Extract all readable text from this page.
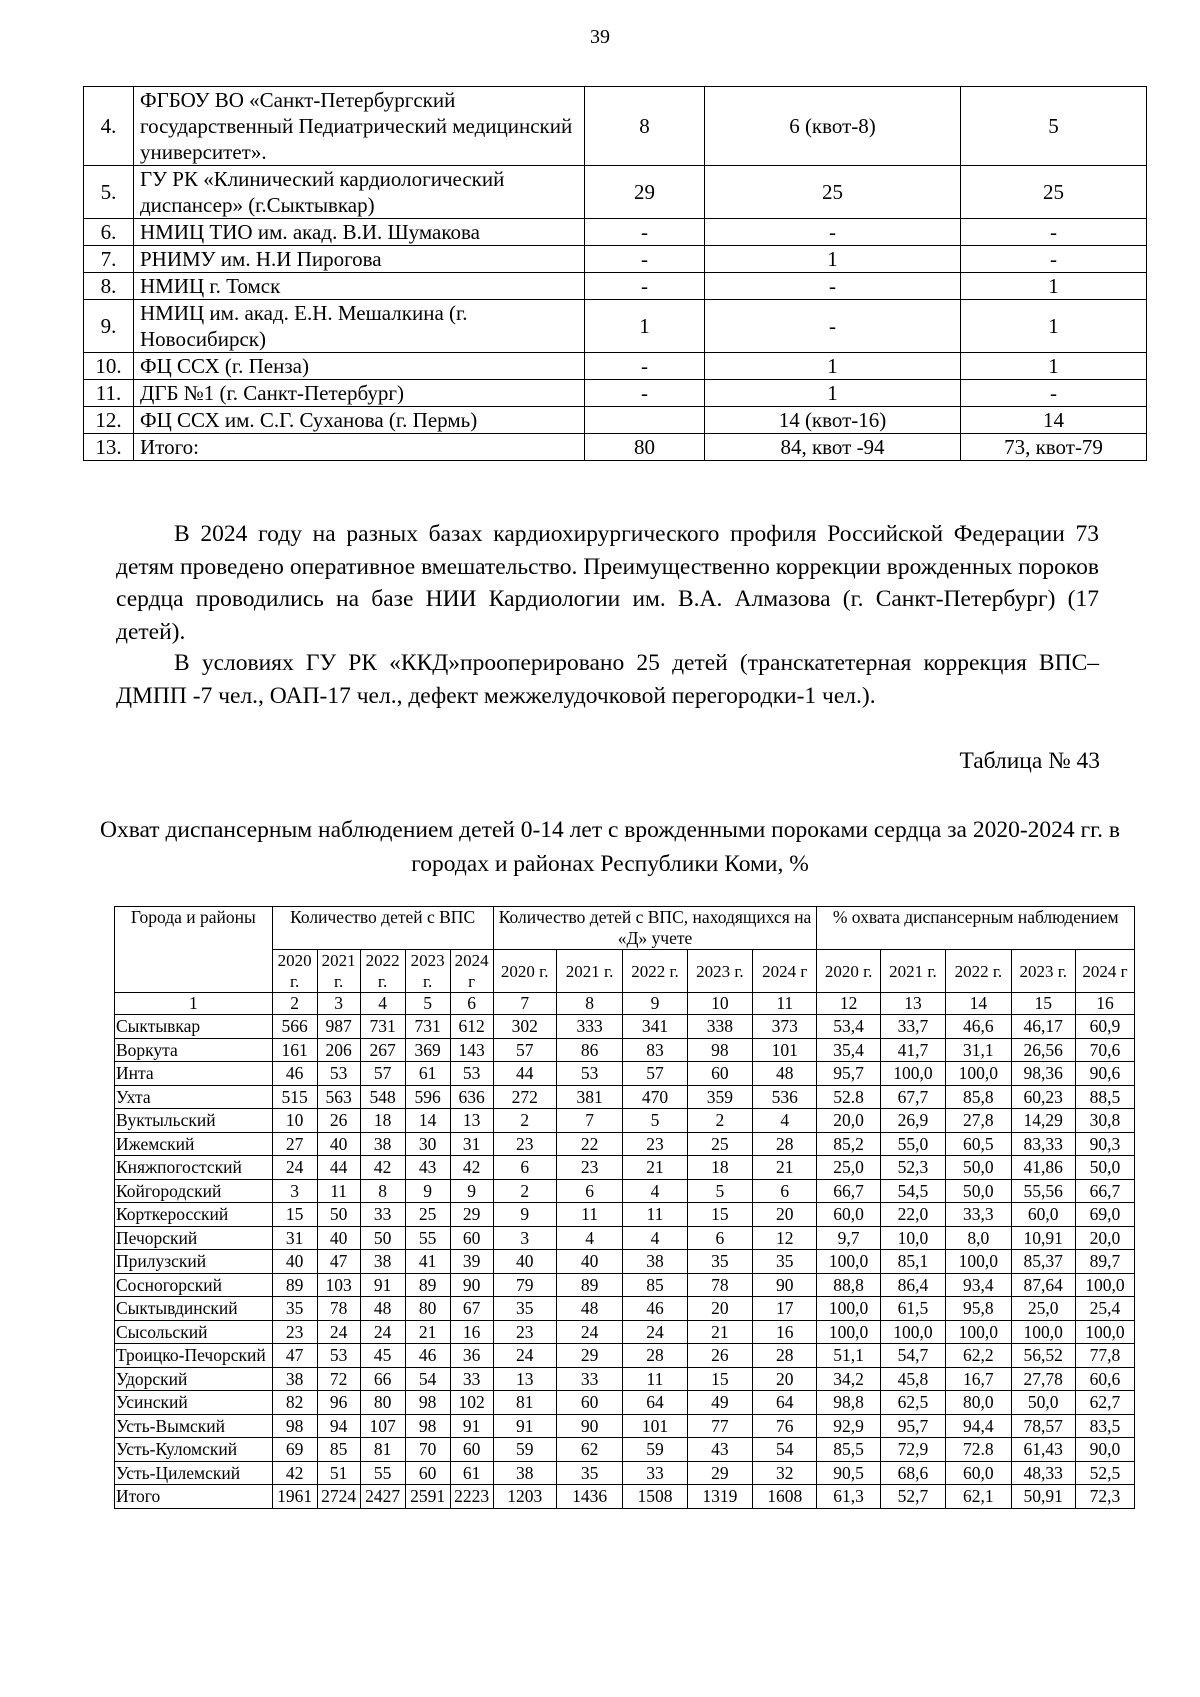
39
4.	ФГБОУ ВО «Санкт-Петербургский государственный Педиатрический медицинский университет».	8	6 (квот-8)	5
5.	ГУ РК «Клинический кардиологический диспансер» (г.Сыктывкар)	29	25	25
6.	НМИЦ ТИО им. акад. В.И. Шумакова	-	-	-
7.	РНИМУ им. Н.И Пирогова	-	1	-
8.	НМИЦ г. Томск	-	-	1
9.	НМИЦ им. акад. Е.Н. Мешалкина (г. Новосибирск)	1	-	1
10.	ФЦ ССХ (г. Пенза)	-	1	1
11.	ДГБ №1 (г. Санкт-Петербург)	-	1	-
12.	ФЦ ССХ им. С.Г. Суханова (г. Пермь)		14 (квот-16)	14
13.	Итого:	80	84, квот -94	73, квот-79
В 2024 году на разных базах кардиохирургического профиля Российской Федерации 73 детям проведено оперативное вмешательство. Преимущественно коррекции врожденных пороков сердца проводились на базе НИИ Кардиологии им. В.А. Алмазова (г. Санкт-Петербург) (17 детей).
В условиях ГУ РК «ККД»прооперировано 25 детей (транскатетерная коррекция ВПС–ДМПП -7 чел., ОАП-17 чел., дефект межжелудочковой перегородки-1 чел.).
Таблица № 43
Охват диспансерным наблюдением детей 0-14 лет с врожденными пороками сердца за 2020-2024 гг. в городах и районах Республики Коми, %
Города и районы	Количество детей с ВПС					Количество детей с ВПС, находящихся на «Д» учете					% охвата диспансерным наблюдением				
	2020 г.	2021 г.	2022 г.	2023 г.	2024 г	2020 г.	2021 г.	2022 г.	2023 г.	2024 г	2020 г.	2021 г.	2022 г.	2023 г.	2024 г
1	2	3	4	5	6	7	8	9	10	11	12	13	14	15	16
Сыктывкар	566	987	731	731	612	302	333	341	338	373	53,4	33,7	46,6	46,17	60,9
Воркута	161	206	267	369	143	57	86	83	98	101	35,4	41,7	31,1	26,56	70,6
Инта	46	53	57	61	53	44	53	57	60	48	95,7	100,0	100,0	98,36	90,6
Ухта	515	563	548	596	636	272	381	470	359	536	52.8	67,7	85,8	60,23	88,5
Вуктыльский	10	26	18	14	13	2	7	5	2	4	20,0	26,9	27,8	14,29	30,8
Ижемский	27	40	38	30	31	23	22	23	25	28	85,2	55,0	60,5	83,33	90,3
Княжпогостский	24	44	42	43	42	6	23	21	18	21	25,0	52,3	50,0	41,86	50,0
Койгородский	3	11	8	9	9	2	6	4	5	6	66,7	54,5	50,0	55,56	66,7
Корткеросский	15	50	33	25	29	9	11	11	15	20	60,0	22,0	33,3	60,0	69,0
Печорский	31	40	50	55	60	3	4	4	6	12	9,7	10,0	8,0	10,91	20,0
Прилузский	40	47	38	41	39	40	40	38	35	35	100,0	85,1	100,0	85,37	89,7
Сосногорский	89	103	91	89	90	79	89	85	78	90	88,8	86,4	93,4	87,64	100,0
Сыктывдинский	35	78	48	80	67	35	48	46	20	17	100,0	61,5	95,8	25,0	25,4
Сысольский	23	24	24	21	16	23	24	24	21	16	100,0	100,0	100,0	100,0	100,0
Троицко-Печорский	47	53	45	46	36	24	29	28	26	28	51,1	54,7	62,2	56,52	77,8
Удорский	38	72	66	54	33	13	33	11	15	20	34,2	45,8	16,7	27,78	60,6
Усинский	82	96	80	98	102	81	60	64	49	64	98,8	62,5	80,0	50,0	62,7
Усть-Вымский	98	94	107	98	91	91	90	101	77	76	92,9	95,7	94,4	78,57	83,5
Усть-Куломский	69	85	81	70	60	59	62	59	43	54	85,5	72,9	72.8	61,43	90,0
Усть-Цилемский	42	51	55	60	61	38	35	33	29	32	90,5	68,6	60,0	48,33	52,5
Итого	1961	2724	2427	2591	2223	1203	1436	1508	1319	1608	61,3	52,7	62,1	50,91	72,3
